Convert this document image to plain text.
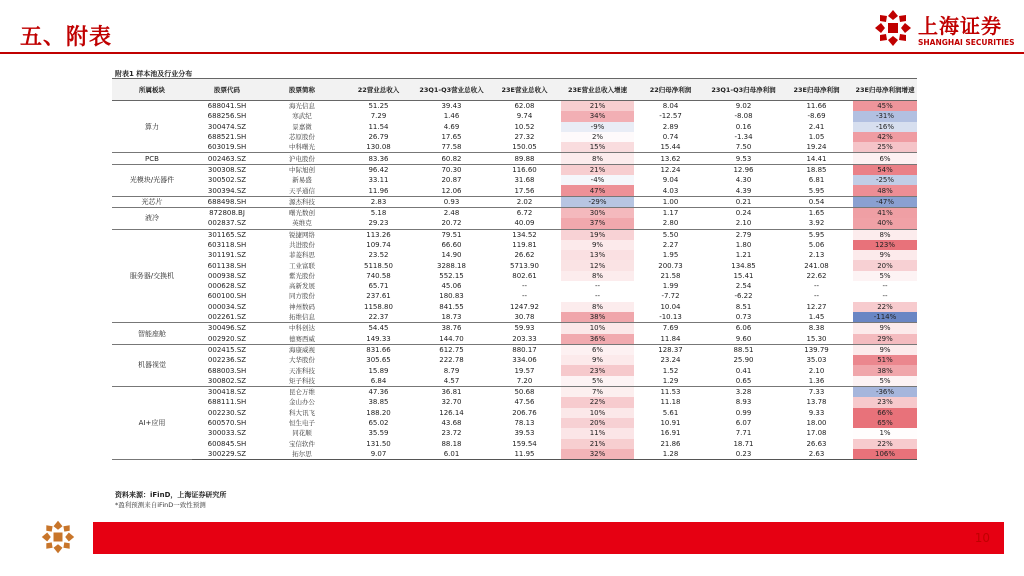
五、附表	上海证券
SHANGHAI SECURITIES
附表1 样本池及行业分布
所属板块	股票代码	股票简称	22营业总收入	23Q1-Q3营业总收入	23E营业总收入	23E营业总收入增速	22归母净利润	23Q1-Q3归母净利润	23E归母净利润	23E归母净利润增速
算力	688041.SH	海光信息	51.25	39.43	62.08	21%	8.04	9.02	11.66	45%
	688256.SH	寒武纪	7.29	1.46	9.74	34%	-12.57	-8.08	-8.69	-31%
	300474.SZ	景嘉微	11.54	4.69	10.52	-9%	2.89	0.16	2.41	-16%
	688521.SH	芯原股份	26.79	17.65	27.32	2%	0.74	-1.34	1.05	42%
	603019.SH	中科曙光	130.08	77.58	150.05	15%	15.44	7.50	19.24	25%
PCB	002463.SZ	沪电股份	83.36	60.82	89.88	8%	13.62	9.53	14.41	6%
光模块/光器件	300308.SZ	中际旭创	96.42	70.30	116.60	21%	12.24	12.96	18.85	54%
	300502.SZ	新易盛	33.11	20.87	31.68	-4%	9.04	4.30	6.81	-25%
	300394.SZ	天孚通信	11.96	12.06	17.56	47%	4.03	4.39	5.95	48%
光芯片	688498.SH	源杰科技	2.83	0.93	2.02	-29%	1.00	0.21	0.54	-47%
液冷	872808.BJ	曙光数创	5.18	2.48	6.72	30%	1.17	0.24	1.65	41%
	002837.SZ	英维克	29.23	20.72	40.09	37%	2.80	2.10	3.92	40%
服务器/交换机	301165.SZ	锐捷网络	113.26	79.51	134.52	19%	5.50	2.79	5.95	8%
	603118.SH	共进股份	109.74	66.60	119.81	9%	2.27	1.80	5.06	123%
	301191.SZ	菲菱科思	23.52	14.90	26.62	13%	1.95	1.21	2.13	9%
	601138.SH	工业富联	5118.50	3288.18	5713.90	12%	200.73	134.85	241.08	20%
	000938.SZ	紫光股份	740.58	552.15	802.61	8%	21.58	15.41	22.62	5%
	000628.SZ	高新发展	65.71	45.06	--	--	1.99	2.54	--	--
	600100.SH	同方股份	237.61	180.83	--	--	-7.72	-6.22	--	--
	000034.SZ	神州数码	1158.80	841.55	1247.92	8%	10.04	8.51	12.27	22%
	002261.SZ	拓维信息	22.37	18.73	30.78	38%	-10.13	0.73	1.45	-114%
智能座舱	300496.SZ	中科创达	54.45	38.76	59.93	10%	7.69	6.06	8.38	9%
	002920.SZ	德赛西威	149.33	144.70	203.33	36%	11.84	9.60	15.30	29%
机器视觉	002415.SZ	海康威视	831.66	612.75	880.17	6%	128.37	88.51	139.79	9%
	002236.SZ	大华股份	305.65	222.78	334.06	9%	23.24	25.90	35.03	51%
	688003.SH	天准科技	15.89	8.79	19.57	23%	1.52	0.41	2.10	38%
	300802.SZ	矩子科技	6.84	4.57	7.20	5%	1.29	0.65	1.36	5%
AI+应用	300418.SZ	昆仑万维	47.36	36.81	50.68	7%	11.53	3.28	7.33	-36%
	688111.SH	金山办公	38.85	32.70	47.56	22%	11.18	8.93	13.78	23%
	002230.SZ	科大讯飞	188.20	126.14	206.76	10%	5.61	0.99	9.33	66%
	600570.SH	恒生电子	65.02	43.68	78.13	20%	10.91	6.07	18.00	65%
	300033.SZ	同花顺	35.59	23.72	39.53	11%	16.91	7.71	17.08	1%
	600845.SH	宝信软件	131.50	88.18	159.54	21%	21.86	18.71	26.63	22%
	300229.SZ	拓尔思	9.07	6.01	11.95	32%	1.28	0.23	2.63	106%
资料来源：iFinD，上海证券研究所
*盈利预测来自iFinD一致性预测
10
